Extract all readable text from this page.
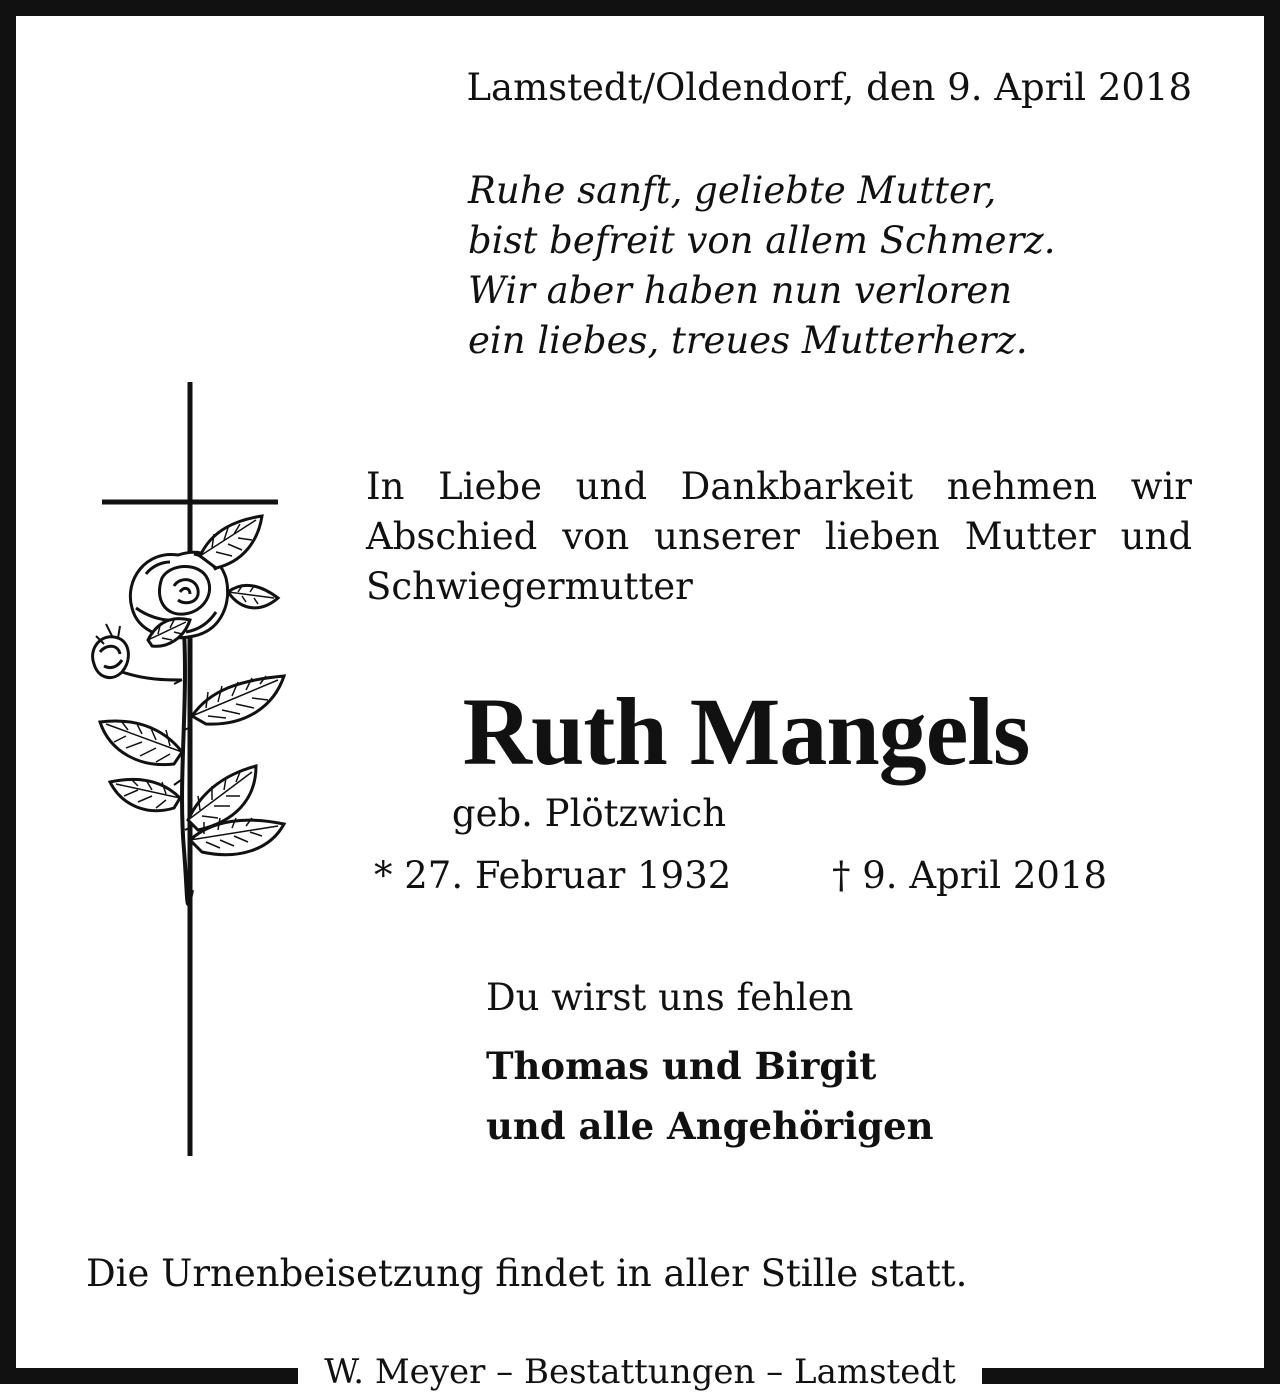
Lamstedt/Oldendorf, den 9. April 2018

Ruhe sanft, geliebte Mutter,
bist befreit von allem Schmerz.
Wir aber haben nun verloren
ein liebes, treues Mutterherz.
In Liebe und Dankbarkeit nehmen wir
Abschied von unserer lieben Mutter und
Schwiegermutter
Ruth Mangels
geb. Plötzwich

* 27. Februar 1932	† 9. April 2018

Du wirst uns fehlen

Thomas und Birgit

und alle Angehörigen

Die Urnenbeisetzung findet in aller Stille statt.

W. Meyer – Bestattungen – Lamstedt
